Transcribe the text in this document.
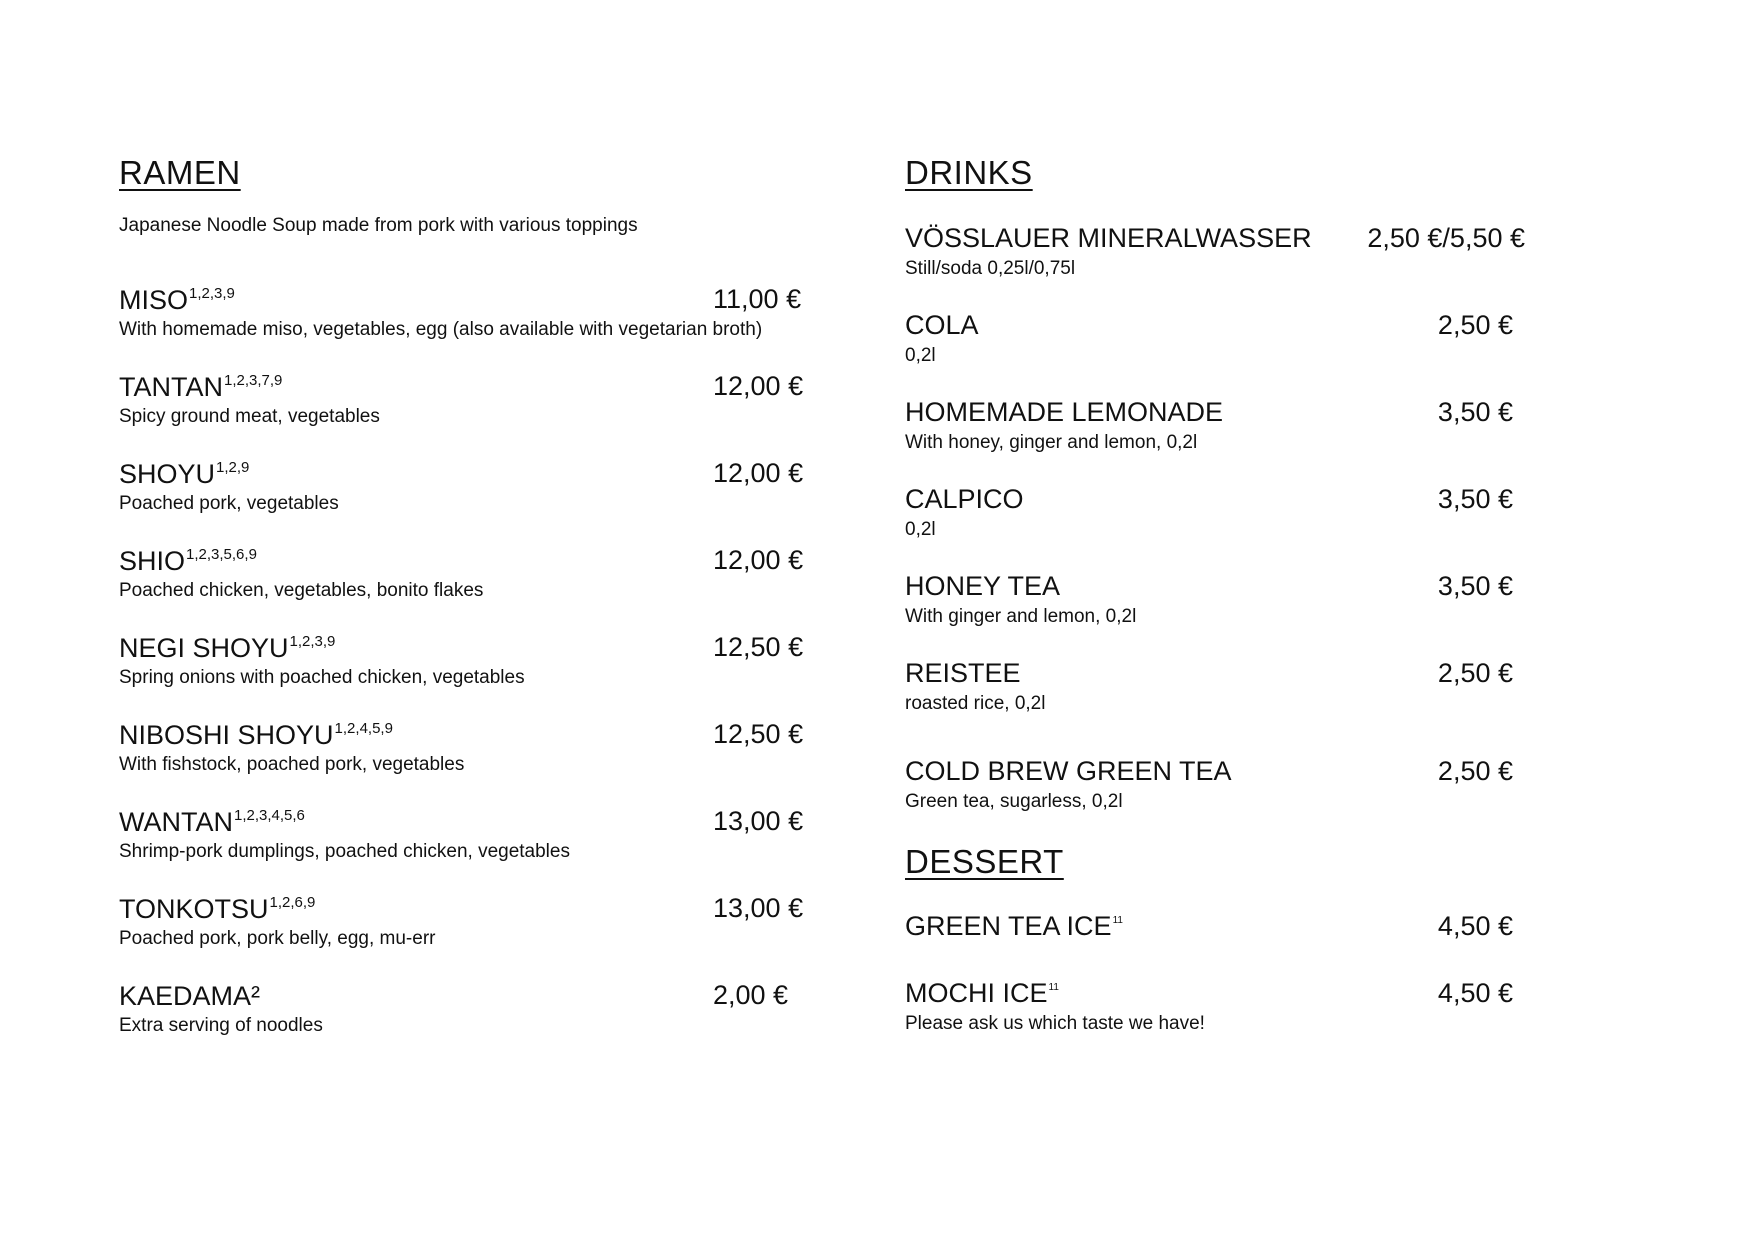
RAMEN
Japanese Noodle Soup made from pork with various toppings
MISO$^{1,2,3,9}$	11,00 €
With homemade miso, vegetables, egg (also available with vegetarian broth)
TANTAN$^{1,2,3,7,9}$	12,00 €
Spicy ground meat, vegetables
SHOYU$^{1,2,9}$	12,00 €
Poached pork, vegetables
SHIO$^{1,2,3,5,6,9}$	12,00 €
Poached chicken, vegetables, bonito flakes
NEGI SHOYU$^{1,2,3,9}$	12,50 €
Spring onions with poached chicken, vegetables
NIBOSHI SHOYU$^{1,2,4,5,9}$	12,50 €
With fishstock, poached pork, vegetables
WANTAN$^{1,2,3,4,5,6}$	13,00 €
Shrimp-pork dumplings, poached chicken, vegetables
TONKOTSU$^{1,2,6,9}$	13,00 €
Poached pork, pork belly, egg, mu-err
KAEDAMA²	2,00 €
Extra serving of noodles
DRINKS
VÖSSLAUER MINERALWASSER 2,50 €/5,50 €
Still/soda 0,25l/0,75l
COLA	2,50 €
0,2l
HOMEMADE LEMONADE	3,50 €
With honey, ginger and lemon, 0,2l
CALPICO	3,50 €
0,2l
HONEY TEA	3,50 €
With ginger and lemon, 0,2l
REISTEE	2,50 €
roasted rice, 0,2l
COLD BREW GREEN TEA	2,50 €
Green tea, sugarless, 0,2l
DESSERT
GREEN TEA ICE$^{11}$	4,50 €
MOCHI ICE$^{11}$	4,50 €
Please ask us which taste we have!
